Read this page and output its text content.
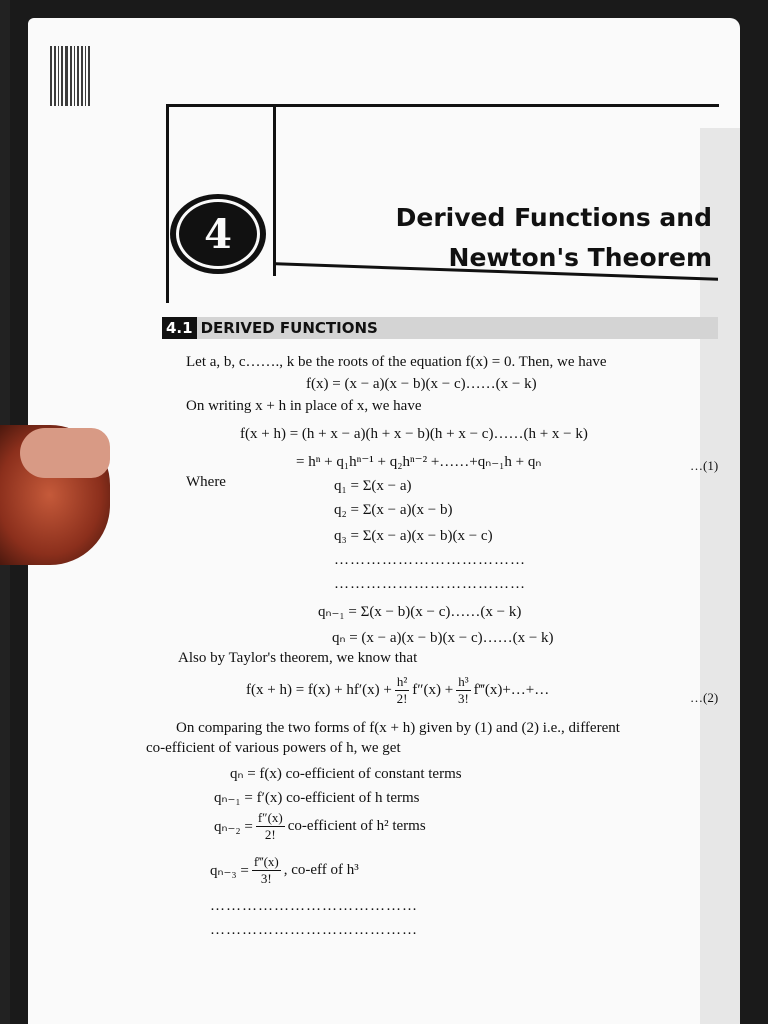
4	Derived Functions and
Newton's Theorem
4.1 DERIVED FUNCTIONS
Let a, b, c……., k be the roots of the equation f(x) = 0. Then, we have
f(x) = (x − a)(x − b)(x − c)……(x − k)
On writing x + h in place of x, we have
f(x + h) = (h + x − a)(h + x − b)(h + x − c)……(h + x − k)
= hⁿ + q₁hⁿ⁻¹ + q₂hⁿ⁻² +……+qₙ₋₁h + qₙ	…(1)
Where	q₁ = Σ(x − a)
q₂ = Σ(x − a)(x − b)
q₃ = Σ(x − a)(x − b)(x − c)
………………………………
………………………………
qₙ₋₁ = Σ(x − b)(x − c)……(x − k)
qₙ = (x − a)(x − b)(x − c)……(x − k)
Also by Taylor's theorem, we know that
$f(x + h) = f(x) + hf'(x) + \frac{\text{h²}}{2!} f''(x) + \frac{\text{h³}}{3!}$ f‴(x)+…+…	…(2)
On comparing the two forms of f(x + h) given by (1) and (2) i.e., different
co-efficient of various powers of h, we get
qₙ = f(x) co-efficient of constant terms
qₙ₋₁ = f′(x) co-efficient of h terms
$q_{n-2} = \frac{f''(x)}{2!}$ co-efficient of h² terms
$q_{n-3} = \frac{f‴(x)}{3!}$ , co-eff of h³
…………………………………
…………………………………
